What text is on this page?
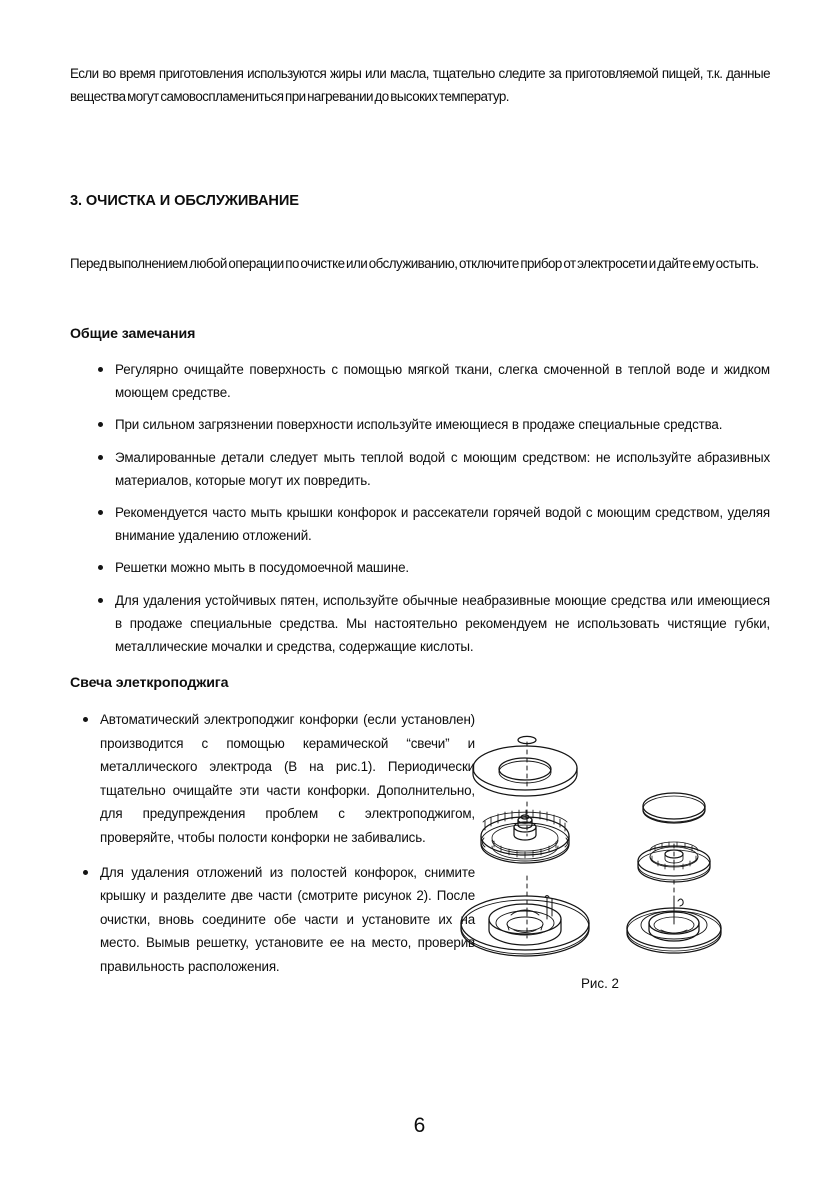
Если во время приготовления используются жиры или масла, тщательно следите за приготовляемой пищей, т.к. данные вещества могут самовоспламениться при нагревании до высоких температур.

3. ОЧИСТКА И ОБСЛУЖИВАНИЕ

Перед выполнением любой операции по очистке или обслуживанию, отключите прибор от электросети и дайте ему остыть.

Общие замечания
Регулярно очищайте поверхность с помощью мягкой ткани, слегка смоченной в теплой воде и жидком моющем средстве.
При сильном загрязнении поверхности используйте имеющиеся в продаже специальные средства.
Эмалированные детали следует мыть теплой водой с моющим средством: не используйте абразивных материалов, которые могут их повредить.
Рекомендуется часто мыть крышки конфорок и рассекатели горячей водой с моющим средством, уделяя внимание удалению отложений.
Решетки можно мыть в посудомоечной машине.
Для удаления устойчивых пятен, используйте обычные неабразивные моющие средства или имеющиеся в продаже специальные средства. Мы настоятельно рекомендуем не использовать чистящие губки, металлические мочалки и средства, содержащие кислоты.
Свеча элеткроподжига
Автоматический электроподжиг конфорки (если установлен) производится с помощью керамической “свечи” и металлического электрода (В на рис.1). Периодически тщательно очищайте эти части конфорки. Дополнительно, для предупреждения проблем с электроподжигом, проверяйте, чтобы полости конфорки не забивались.
Для удаления отложений из полостей конфорок, снимите крышку и разделите две части (смотрите рисунок 2). После очистки, вновь соедините обе части и установите их на место. Вымыв решетку, установите ее на место, проверив правильность расположения.
Рис. 2
6
